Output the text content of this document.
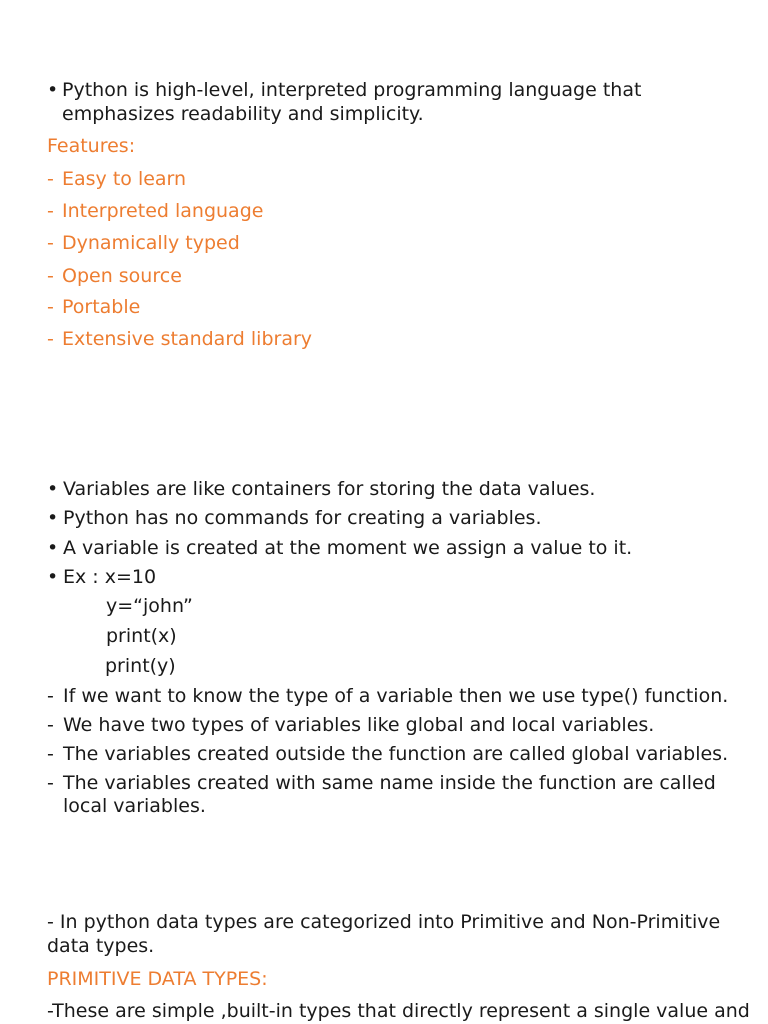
• Python is high-level, interpreted programming language that
emphasizes readability and simplicity.
Features:
- Easy to learn
- Interpreted language
- Dynamically typed
- Open source
- Portable
- Extensive standard library
• Variables are like containers for storing the data values.
• Python has no commands for creating a variables.
• A variable is created at the moment we assign a value to it.
• Ex : x=10
y=“john”
print(x)
print(y)
- If we want to know the type of a variable then we use type() function.
- We have two types of variables like global and local variables.
- The variables created outside the function are called global variables.
- The variables created with same name inside the function are called
local variables.
- In python data types are categorized into Primitive and Non-Primitive
data types.
PRIMITIVE DATA TYPES:
-These are simple ,built-in types that directly represent a single value and
